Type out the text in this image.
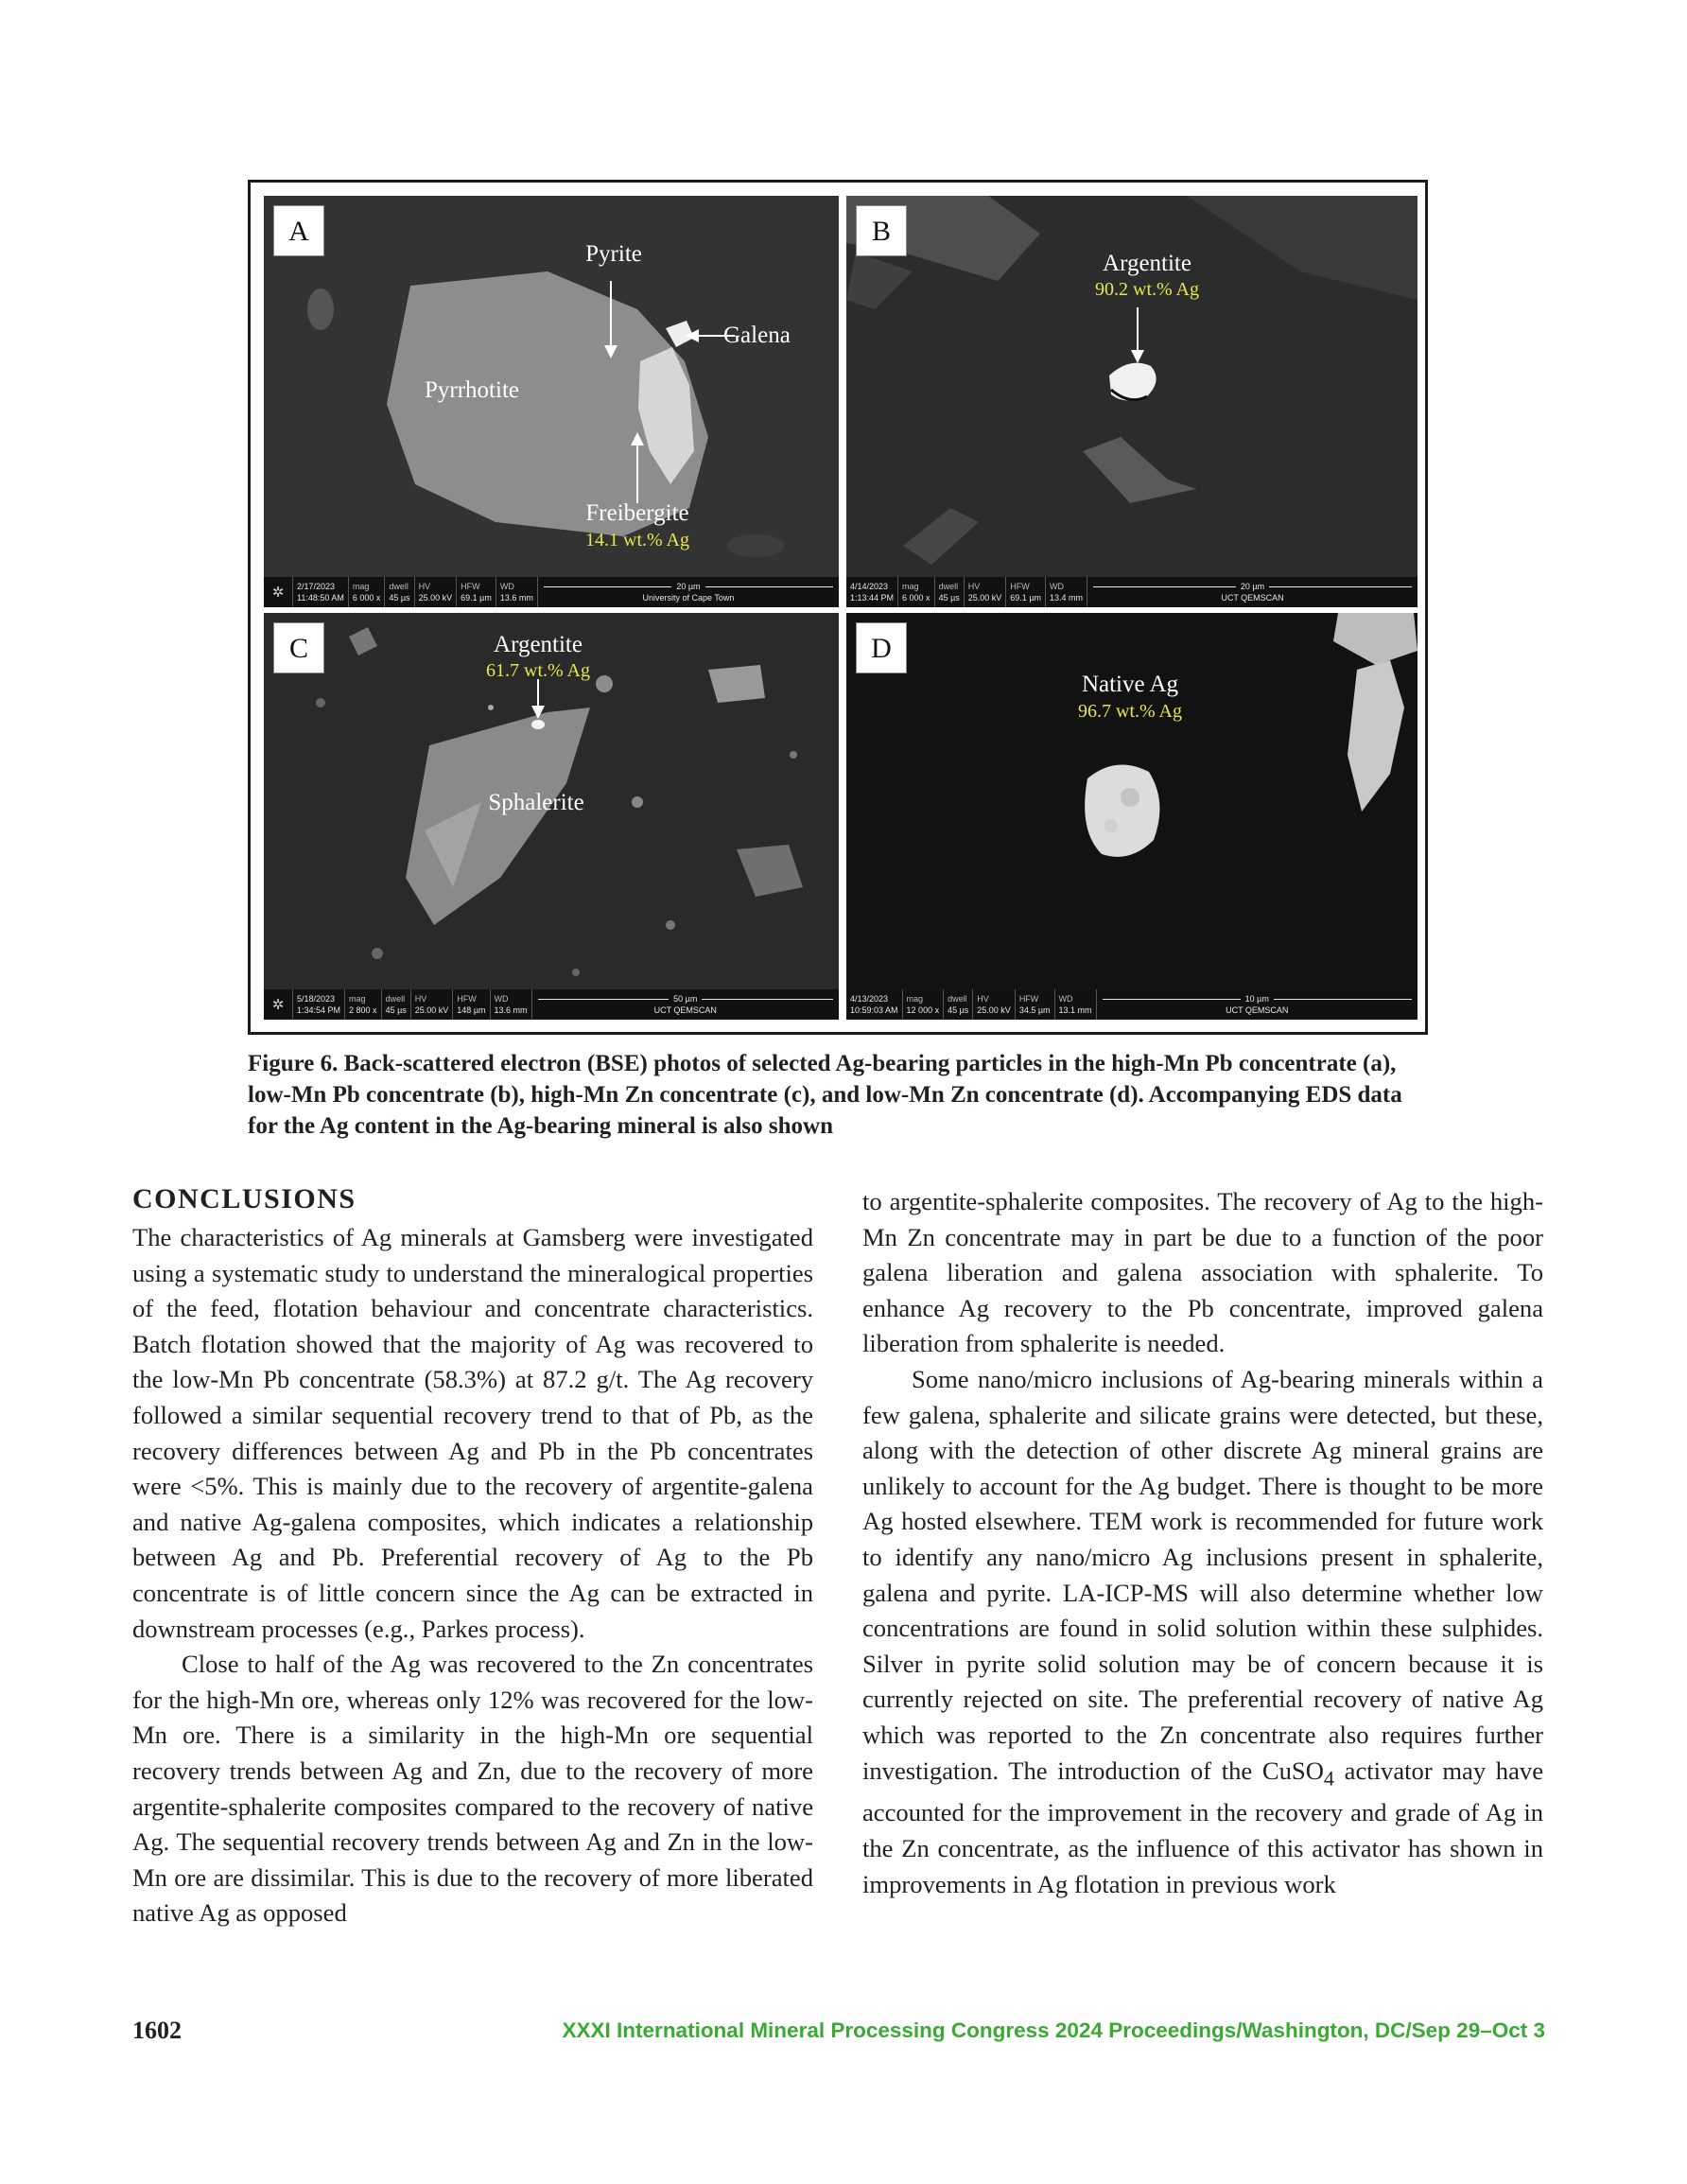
A
Pyrite
Galena
Pyrrhotite
Freibergite
14.1 wt.% Ag
✲	2/17/2023
11:48:50 AM
mag
6 000 x
dwell
45 µs
HV
25.00 kV
HFW
69.1 µm
WD
13.6 mm
20 µm
University of Cape Town
B
Argentite
90.2 wt.% Ag
4/14/2023
1:13:44 PM
mag
6 000 x
dwell
45 µs
HV
25.00 kV
HFW
69.1 µm
WD
13.4 mm
20 µm
UCT QEMSCAN
C	Argentite
61.7 wt.% Ag
Sphalerite
✲	5/18/2023
1:34:54 PM
mag
2 800 x
dwell
45 µs
HV
25.00 kV
HFW
148 µm
WD
13.6 mm
50 µm
UCT QEMSCAN
D
Native Ag
96.7 wt.% Ag
4/13/2023
10:59:03 AM
mag
12 000 x
dwell
45 µs
HV
25.00 kV
HFW
34.5 µm
WD
13.1 mm
10 µm
UCT QEMSCAN
Figure 6. Back-scattered electron (BSE) photos of selected Ag-bearing particles in the high-Mn Pb concentrate (a), low-Mn Pb concentrate (b), high-Mn Zn concentrate (c), and low-Mn Zn concentrate (d). Accompanying EDS data for the Ag content in the Ag-bearing mineral is also shown
CONCLUSIONS

The characteristics of Ag minerals at Gamsberg were investigated using a systematic study to understand the mineralogical properties of the feed, flotation behaviour and concentrate characteristics. Batch flotation showed that the majority of Ag was recovered to the low-Mn Pb concentrate (58.3%) at 87.2 g/t. The Ag recovery followed a similar sequential recovery trend to that of Pb, as the recovery differences between Ag and Pb in the Pb concentrates were <5%. This is mainly due to the recovery of argentite-galena and native Ag-galena composites, which indicates a relationship between Ag and Pb. Preferential recovery of Ag to the Pb concentrate is of little concern since the Ag can be extracted in downstream processes (e.g., Parkes process).

Close to half of the Ag was recovered to the Zn concentrates for the high-Mn ore, whereas only 12% was recovered for the low-Mn ore. There is a similarity in the high-Mn ore sequential recovery trends between Ag and Zn, due to the recovery of more argentite-sphalerite composites compared to the recovery of native Ag. The sequential recovery trends between Ag and Zn in the low-Mn ore are dissimilar. This is due to the recovery of more liberated native Ag as opposed

to argentite-sphalerite composites. The recovery of Ag to the high-Mn Zn concentrate may in part be due to a function of the poor galena liberation and galena association with sphalerite. To enhance Ag recovery to the Pb concentrate, improved galena liberation from sphalerite is needed.

Some nano/micro inclusions of Ag-bearing minerals within a few galena, sphalerite and silicate grains were detected, but these, along with the detection of other discrete Ag mineral grains are unlikely to account for the Ag budget. There is thought to be more Ag hosted elsewhere. TEM work is recommended for future work to identify any nano/micro Ag inclusions present in sphalerite, galena and pyrite. LA-ICP-MS will also determine whether low concentrations are found in solid solution within these sulphides. Silver in pyrite solid solution may be of concern because it is currently rejected on site. The preferential recovery of native Ag which was reported to the Zn concentrate also requires further investigation. The introduction of the CuSO$_4$ activator may have accounted for the improvement in the recovery and grade of Ag in the Zn concentrate, as the influence of this activator has shown in improvements in Ag flotation in previous work

1602	XXXI International Mineral Processing Congress 2024 Proceedings/Washington, DC/Sep 29–Oct 3
